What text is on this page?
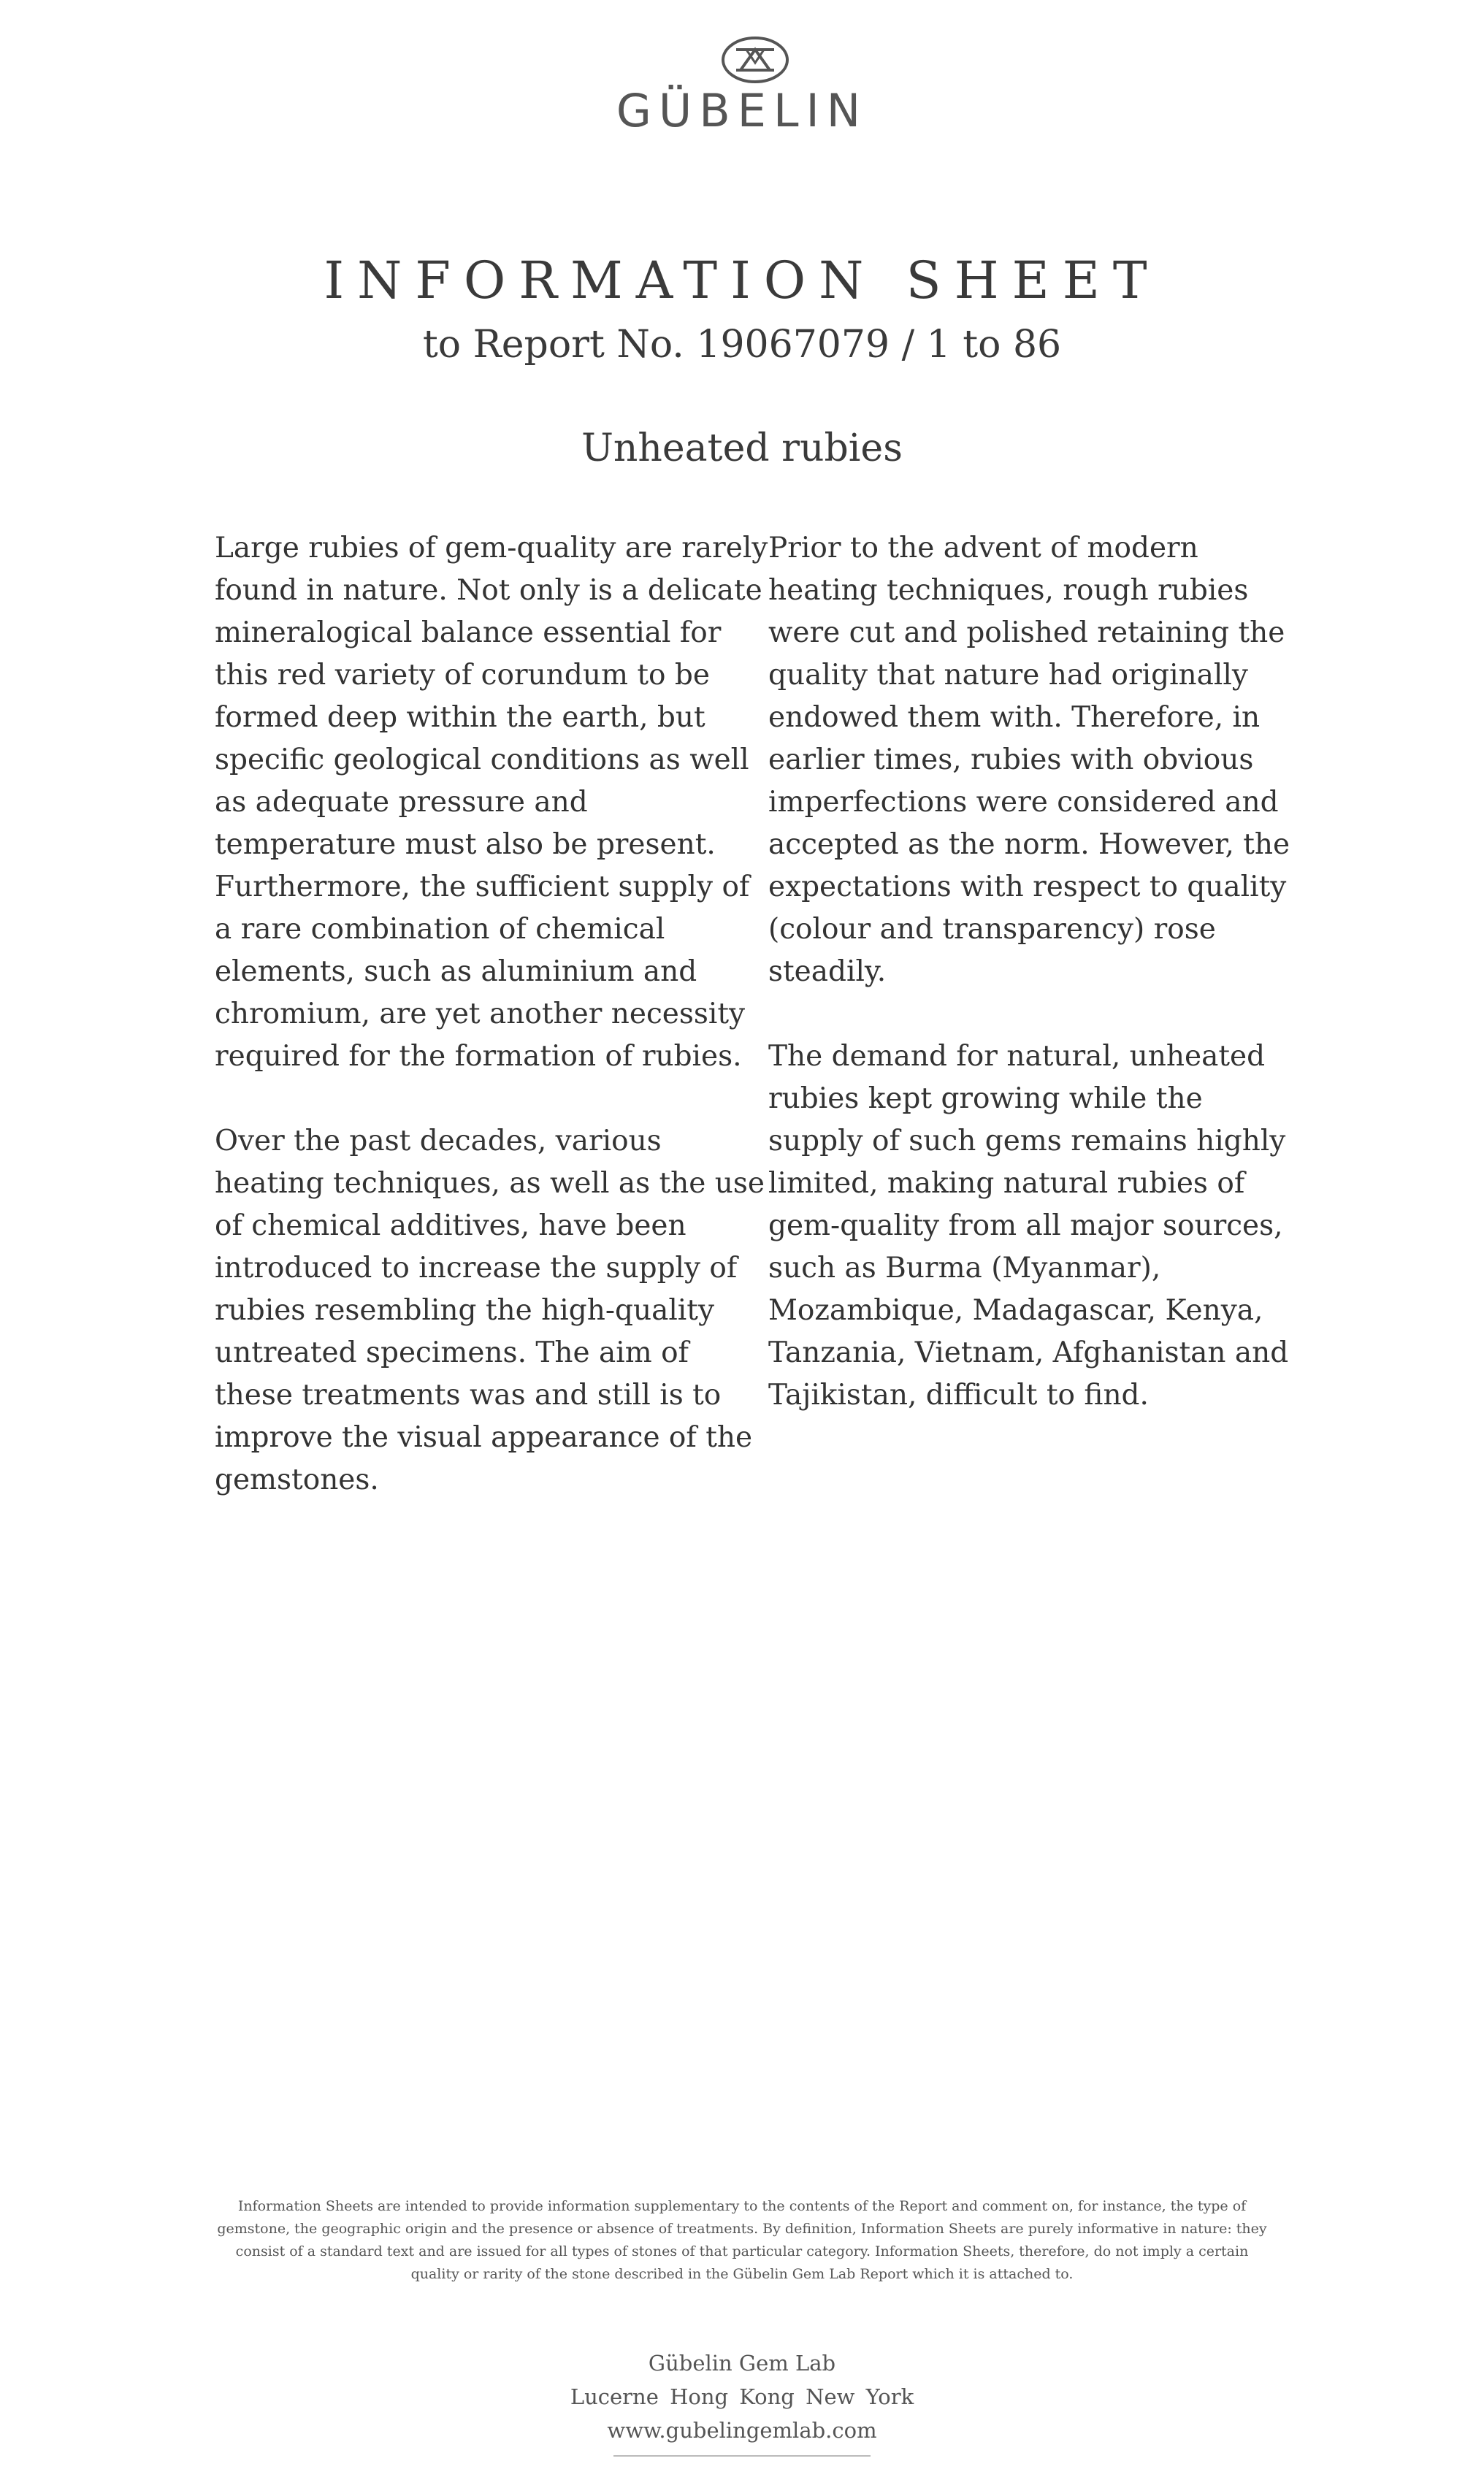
GÜBELIN
INFORMATION SHEET
to Report No. 19067079 / 1 to 86
Unheated rubies

Large rubies of gem-quality are rarely found in nature. Not only is a delicate mineralogical balance essential for this red variety of corundum to be formed deep within the earth, but specific geological conditions as well as adequate pressure and temperature must also be present. Furthermore, the sufficient supply of a rare combination of chemical elements, such as aluminium and chromium, are yet another necessity required for the formation of rubies.

Over the past decades, various heating techniques, as well as the use of chemical additives, have been introduced to increase the supply of rubies resembling the high-quality untreated specimens. The aim of these treatments was and still is to improve the visual appearance of the gemstones.

Prior to the advent of modern heating techniques, rough rubies were cut and polished retaining the quality that nature had originally endowed them with. Therefore, in earlier times, rubies with obvious imperfections were considered and accepted as the norm. However, the expectations with respect to quality (colour and transparency) rose steadily.

The demand for natural, unheated rubies kept growing while the supply of such gems remains highly limited, making natural rubies of gem-quality from all major sources, such as Burma (Myanmar), Mozambique, Madagascar, Kenya, Tanzania, Vietnam, Afghanistan and Tajikistan, difficult to find.

Information Sheets are intended to provide information supplementary to the contents of the Report and comment on, for instance, the type of gemstone, the geographic origin and the presence or absence of treatments. By definition, Information Sheets are purely informative in nature: they consist of a standard text and are issued for all types of stones of that particular category. Information Sheets, therefore, do not imply a certain quality or rarity of the stone described in the Gübelin Gem Lab Report which it is attached to.
Gübelin Gem Lab
Lucerne Hong Kong New York
www.gubelingemlab.com
